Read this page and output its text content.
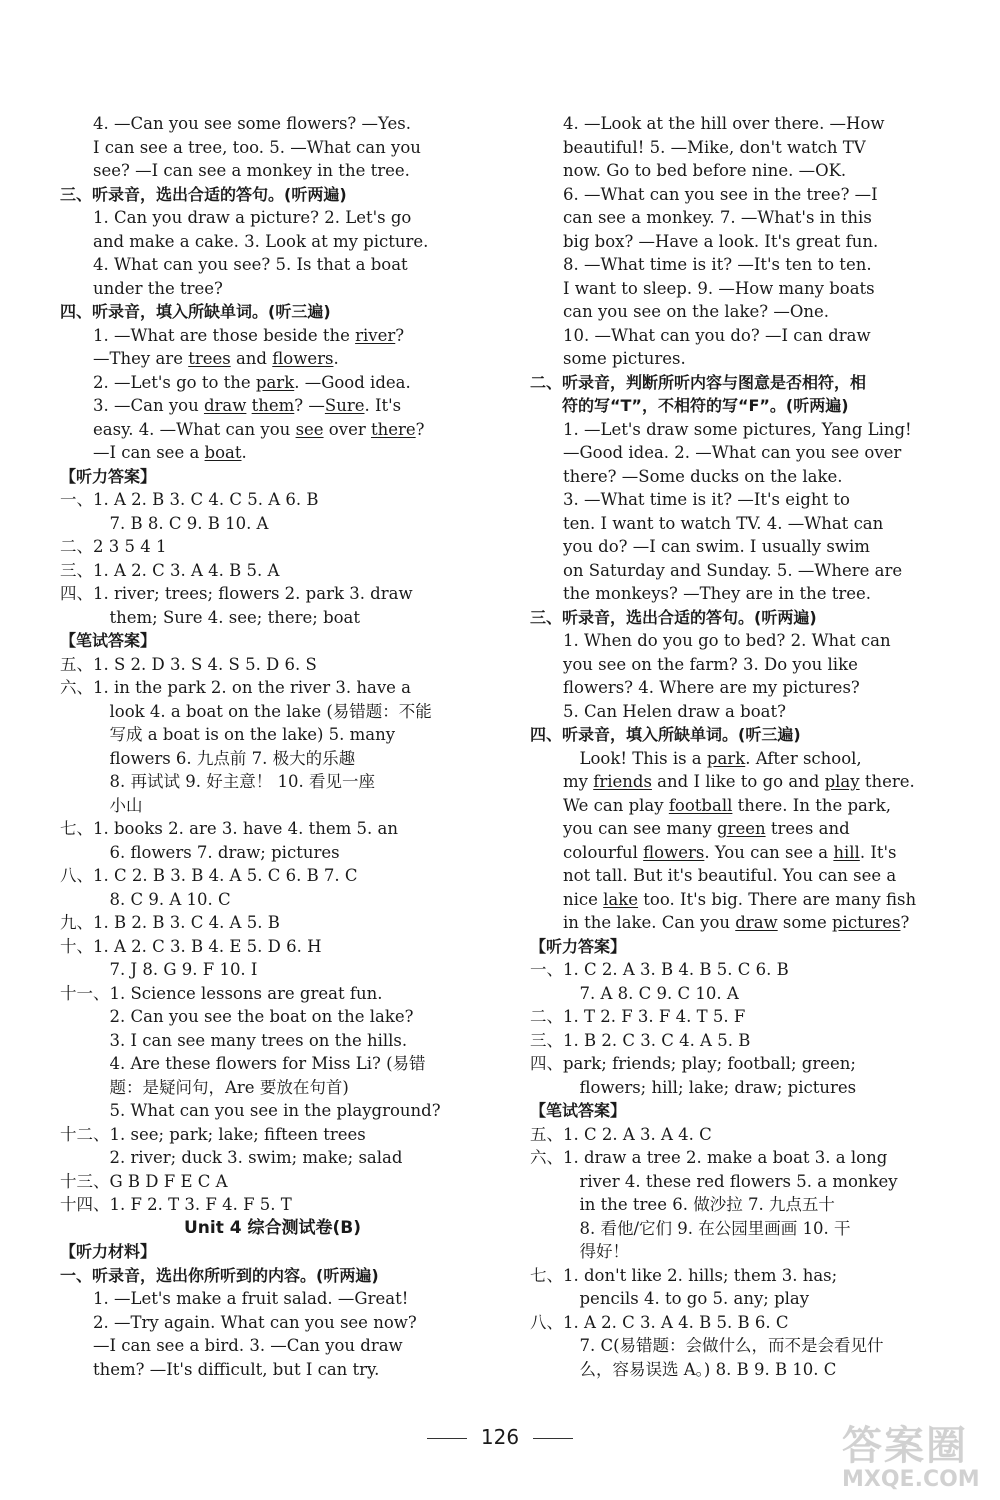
4. —Can you see some flowers? —Yes.
I can see a tree, too. 5. —What can you
see? —I can see a monkey in the tree.
三、听录音，选出合适的答句。(听两遍)
1. Can you draw a picture? 2. Let's go
and make a cake. 3. Look at my picture.
4. What can you see? 5. Is that a boat
under the tree?
四、听录音，填入所缺单词。(听三遍)
1. —What are those beside the river?
—They are trees and flowers.
2. —Let's go to the park. —Good idea.
3. —Can you draw them? —Sure. It's
easy. 4. —What can you see over there?
—I can see a boat.
【听力答案】
一、1. A 2. B 3. C 4. C 5. A 6. B
7. B 8. C 9. B 10. A
二、2 3 5 4 1
三、1. A 2. C 3. A 4. B 5. A
四、1. river; trees; flowers 2. park 3. draw
them; Sure 4. see; there; boat
【笔试答案】
五、1. S 2. D 3. S 4. S 5. D 6. S
六、1. in the park 2. on the river 3. have a
look 4. a boat on the lake (易错题：不能
写成 a boat is on the lake) 5. many
flowers 6. 九点前 7. 极大的乐趣
8. 再试试 9. 好主意！ 10. 看见一座
小山
七、1. books 2. are 3. have 4. them 5. an
6. flowers 7. draw; pictures
八、1. C 2. B 3. B 4. A 5. C 6. B 7. C
8. C 9. A 10. C
九、1. B 2. B 3. C 4. A 5. B
十、1. A 2. C 3. B 4. E 5. D 6. H
7. J 8. G 9. F 10. I
十一、1. Science lessons are great fun.
2. Can you see the boat on the lake?
3. I can see many trees on the hills.
4. Are these flowers for Miss Li? (易错
题：是疑问句，Are 要放在句首)
5. What can you see in the playground?
十二、1. see; park; lake; fifteen trees
2. river; duck 3. swim; make; salad
十三、G B D F E C A
十四、1. F 2. T 3. F 4. F 5. T
Unit 4 综合测试卷(B)
【听力材料】
一、听录音，选出你所听到的内容。(听两遍)
1. —Let's make a fruit salad. —Great!
2. —Try again. What can you see now?
—I can see a bird. 3. —Can you draw
them? —It's difficult, but I can try.
4. —Look at the hill over there. —How
beautiful! 5. —Mike, don't watch TV
now. Go to bed before nine. —OK.
6. —What can you see in the tree? —I
can see a monkey. 7. —What's in this
big box? —Have a look. It's great fun.
8. —What time is it? —It's ten to ten.
I want to sleep. 9. —How many boats
can you see on the lake? —One.
10. —What can you do? —I can draw
some pictures.
二、听录音，判断所听内容与图意是否相符，相
符的写“T”，不相符的写“F”。(听两遍)
1. —Let's draw some pictures, Yang Ling!
—Good idea. 2. —What can you see over
there? —Some ducks on the lake.
3. —What time is it? —It's eight to
ten. I want to watch TV. 4. —What can
you do? —I can swim. I usually swim
on Saturday and Sunday. 5. —Where are
the monkeys? —They are in the tree.
三、听录音，选出合适的答句。(听两遍)
1. When do you go to bed? 2. What can
you see on the farm? 3. Do you like
flowers? 4. Where are my pictures?
5. Can Helen draw a boat?
四、听录音，填入所缺单词。(听三遍)
Look! This is a park. After school,
my friends and I like to go and play there.
We can play football there. In the park,
you can see many green trees and
colourful flowers. You can see a hill. It's
not tall. But it's beautiful. You can see a
nice lake too. It's big. There are many fish
in the lake. Can you draw some pictures?
【听力答案】
一、1. C 2. A 3. B 4. B 5. C 6. B
7. A 8. C 9. C 10. A
二、1. T 2. F 3. F 4. T 5. F
三、1. B 2. C 3. C 4. A 5. B
四、park; friends; play; football; green;
flowers; hill; lake; draw; pictures
【笔试答案】
五、1. C 2. A 3. A 4. C
六、1. draw a tree 2. make a boat 3. a long
river 4. these red flowers 5. a monkey
in the tree 6. 做沙拉 7. 九点五十
8. 看他/它们 9. 在公园里画画 10. 干
得好！
七、1. don't like 2. hills; them 3. has;
pencils 4. to go 5. any; play
八、1. A 2. C 3. A 4. B 5. B 6. C
7. C(易错题：会做什么，而不是会看见什
么，容易误选 A。) 8. B 9. B 10. C
126	答案圈
MXQE.COM
